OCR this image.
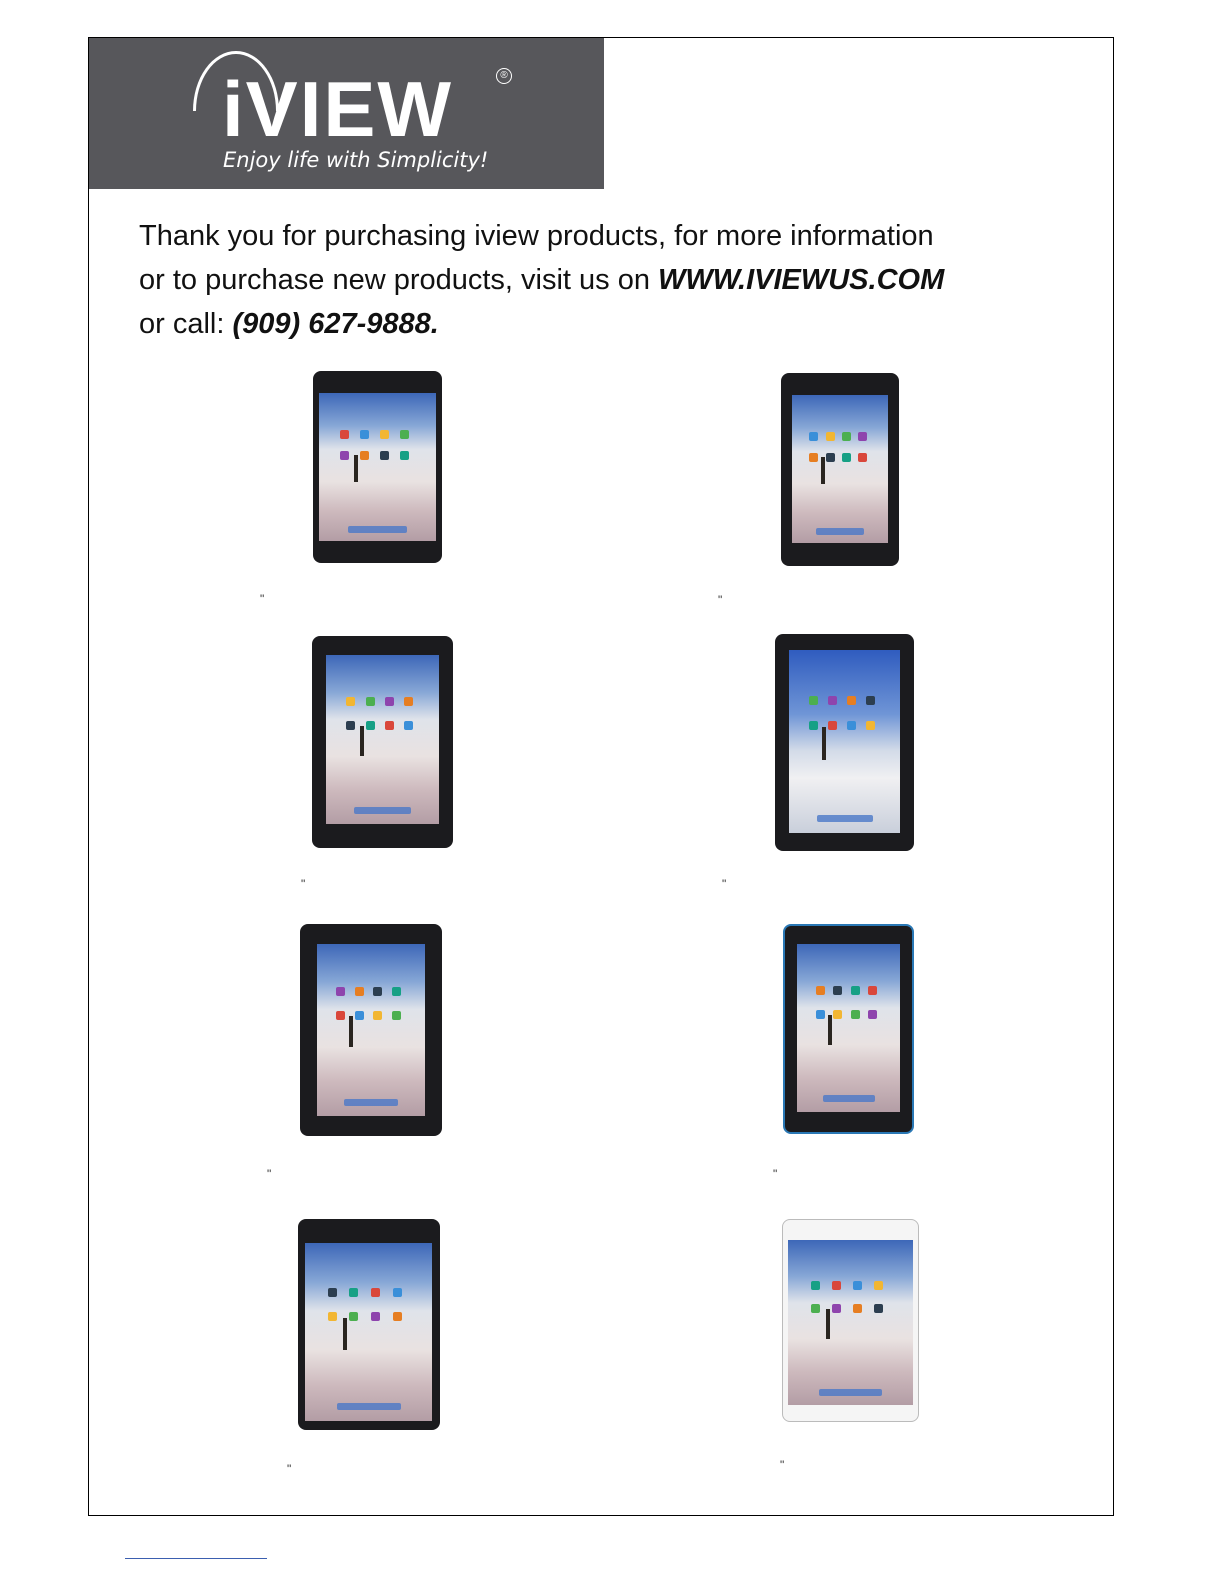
iVIEW	®
Enjoy life with Simplicity!
Thank you for purchasing iview products, for more information
or to purchase new products, visit us on WWW.IVIEWUS.COM
or call: (909) 627-9888.
"	"
"	"
"	"
"	"
